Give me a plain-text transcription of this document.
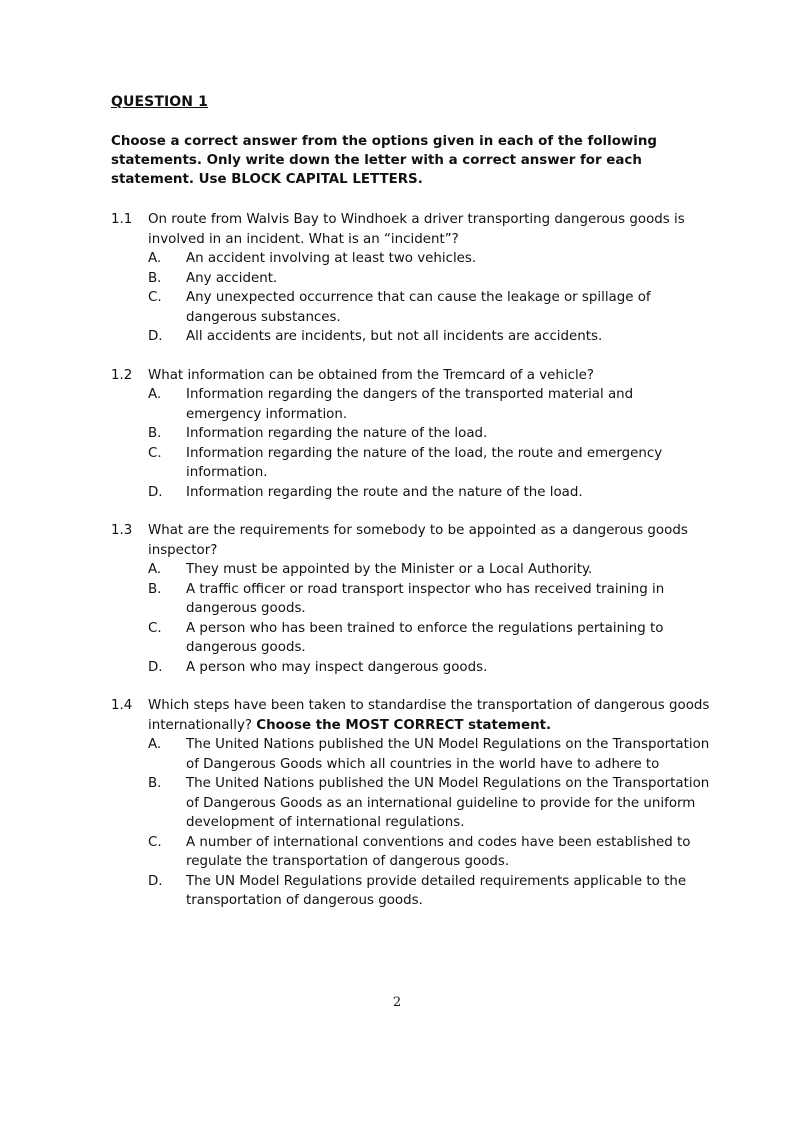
QUESTION 1
Choose a correct answer from the options given in each of the following statements. Only write down the letter with a correct answer for each statement. Use BLOCK CAPITAL LETTERS.
1.1	On route from Walvis Bay to Windhoek a driver transporting dangerous goods is involved in an incident. What is an “incident”?
A.	An accident involving at least two vehicles.
B.	Any accident.
C.	Any unexpected occurrence that can cause the leakage or spillage of dangerous substances.
D.	All accidents are incidents, but not all incidents are accidents.
1.2	What information can be obtained from the Tremcard of a vehicle?
A.	Information regarding the dangers of the transported material and emergency information.
B.	Information regarding the nature of the load.
C.	Information regarding the nature of the load, the route and emergency information.
D.	Information regarding the route and the nature of the load.
1.3	What are the requirements for somebody to be appointed as a dangerous goods inspector?
A.	They must be appointed by the Minister or a Local Authority.
B.	A traffic officer or road transport inspector who has received training in dangerous goods.
C.	A person who has been trained to enforce the regulations pertaining to dangerous goods.
D.	A person who may inspect dangerous goods.
1.4	Which steps have been taken to standardise the transportation of dangerous goods internationally? Choose the MOST CORRECT statement.
A.	The United Nations published the UN Model Regulations on the Transportation of Dangerous Goods which all countries in the world have to adhere to
B.	The United Nations published the UN Model Regulations on the Transportation of Dangerous Goods as an international guideline to provide for the uniform development of international regulations.
C.	A number of international conventions and codes have been established to regulate the transportation of dangerous goods.
D.	The UN Model Regulations provide detailed requirements applicable to the transportation of dangerous goods.
2
